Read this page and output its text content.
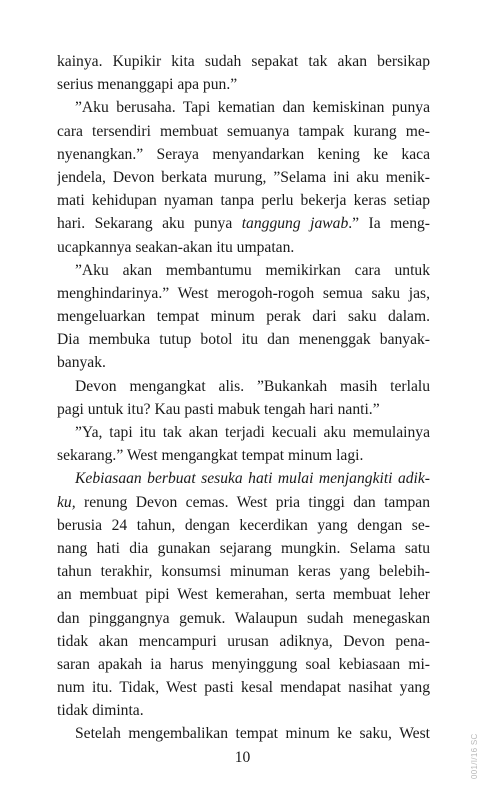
kainya. Kupikir kita sudah sepakat tak akan bersikap
serius menanggapi apa pun.”
”Aku berusaha. Tapi kematian dan kemiskinan punya
cara tersendiri membuat semuanya tampak kurang me-
nyenangkan.” Seraya menyandarkan kening ke kaca
jendela, Devon berkata murung, ”Selama ini aku menik-
mati kehidupan nyaman tanpa perlu bekerja keras setiap
hari. Sekarang aku punya tanggung jawab.” Ia meng-
ucapkannya seakan-akan itu umpatan.
”Aku akan membantumu memikirkan cara untuk
menghindarinya.” West merogoh-rogoh semua saku jas,
mengeluarkan tempat minum perak dari saku dalam.
Dia membuka tutup botol itu dan menenggak banyak-
banyak.
Devon mengangkat alis. ”Bukankah masih terlalu
pagi untuk itu? Kau pasti mabuk tengah hari nanti.”
”Ya, tapi itu tak akan terjadi kecuali aku memulainya
sekarang.” West mengangkat tempat minum lagi.
Kebiasaan berbuat sesuka hati mulai menjangkiti adik-
ku, renung Devon cemas. West pria tinggi dan tampan
berusia 24 tahun, dengan kecerdikan yang dengan se-
nang hati dia gunakan sejarang mungkin. Selama satu
tahun terakhir, konsumsi minuman keras yang belebih-
an membuat pipi West kemerahan, serta membuat leher
dan pinggangnya gemuk. Walaupun sudah menegaskan
tidak akan mencampuri urusan adiknya, Devon pena-
saran apakah ia harus menyinggung soal kebiasaan mi-
num itu. Tidak, West pasti kesal mendapat nasihat yang
tidak diminta.
Setelah mengembalikan tempat minum ke saku, West
10	001/I/16 SC
